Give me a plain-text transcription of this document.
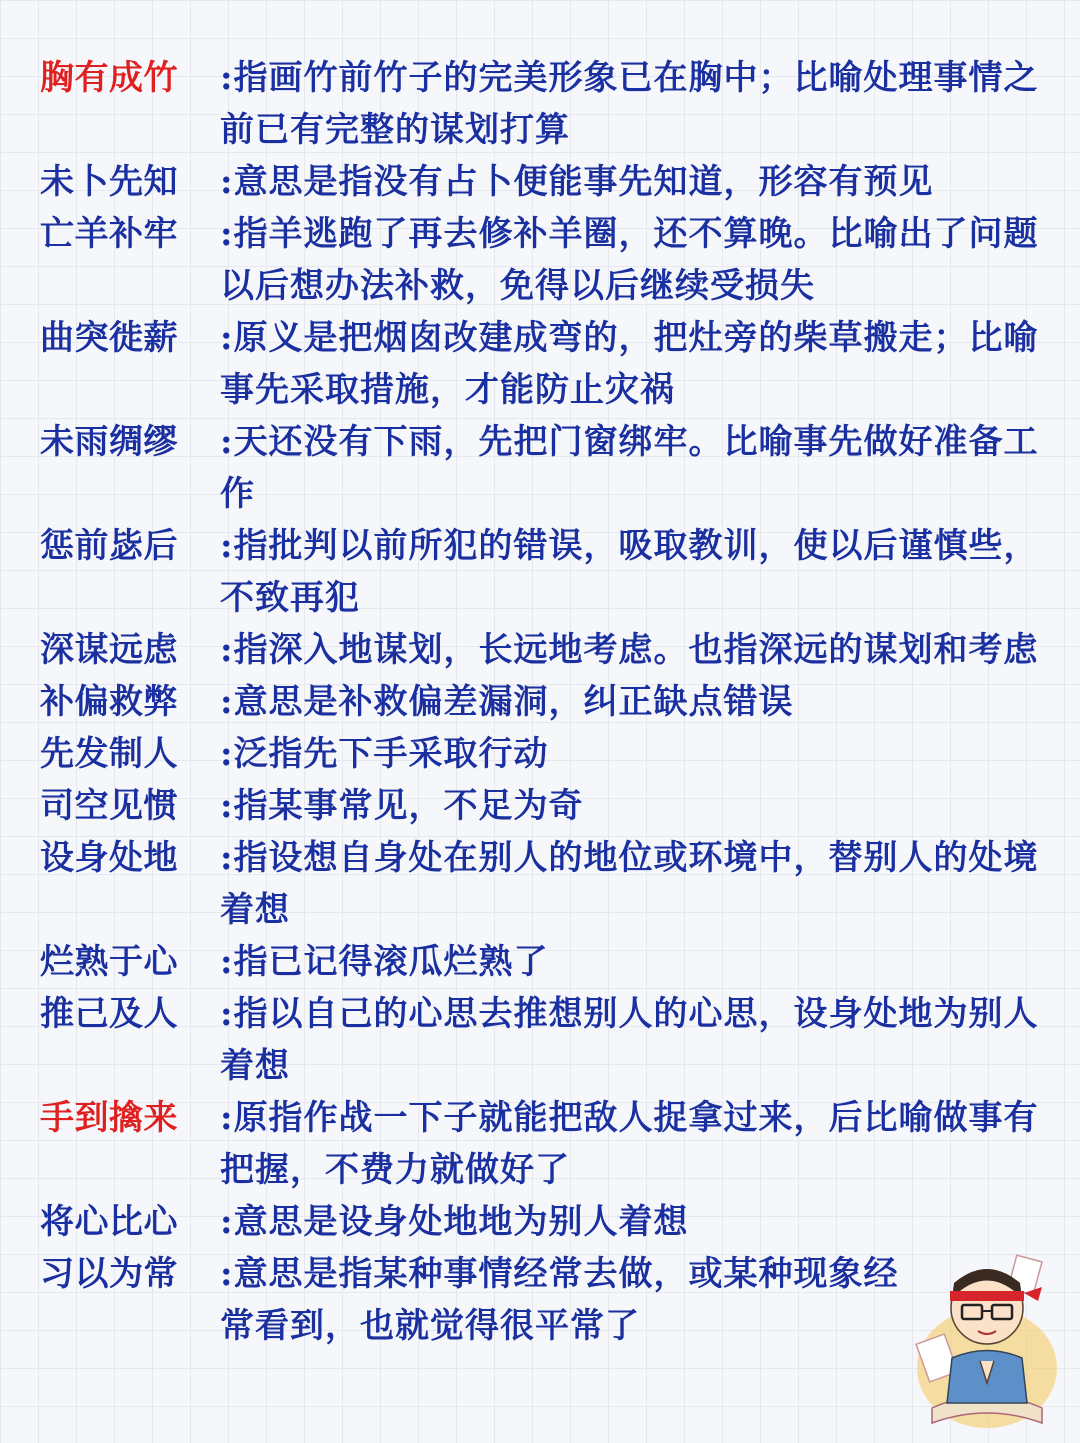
胸有成竹	:指画竹前竹子的完美形象已在胸中；比喻处理事情之前已有完整的谋划打算
未卜先知	:意思是指没有占卜便能事先知道，形容有预见
亡羊补牢	:指羊逃跑了再去修补羊圈，还不算晚。比喻出了问题以后想办法补救，免得以后继续受损失
曲突徙薪	:原义是把烟囱改建成弯的，把灶旁的柴草搬走；比喻事先采取措施，才能防止灾祸
未雨绸缪	:天还没有下雨，先把门窗绑牢。比喻事先做好准备工作
惩前毖后	:指批判以前所犯的错误，吸取教训，使以后谨慎些，不致再犯
深谋远虑	:指深入地谋划，长远地考虑。也指深远的谋划和考虑
补偏救弊	:意思是补救偏差漏洞，纠正缺点错误
先发制人	:泛指先下手采取行动
司空见惯	:指某事常见，不足为奇
设身处地	:指设想自身处在别人的地位或环境中，替别人的处境着想
烂熟于心	:指已记得滚瓜烂熟了
推己及人	:指以自己的心思去推想别人的心思，设身处地为别人着想
手到擒来	:原指作战一下子就能把敌人捉拿过来，后比喻做事有把握，不费力就做好了
将心比心	:意思是设身处地地为别人着想
习以为常	:意思是指某种事情经常去做，或某种现象经常看到，也就觉得很平常了
